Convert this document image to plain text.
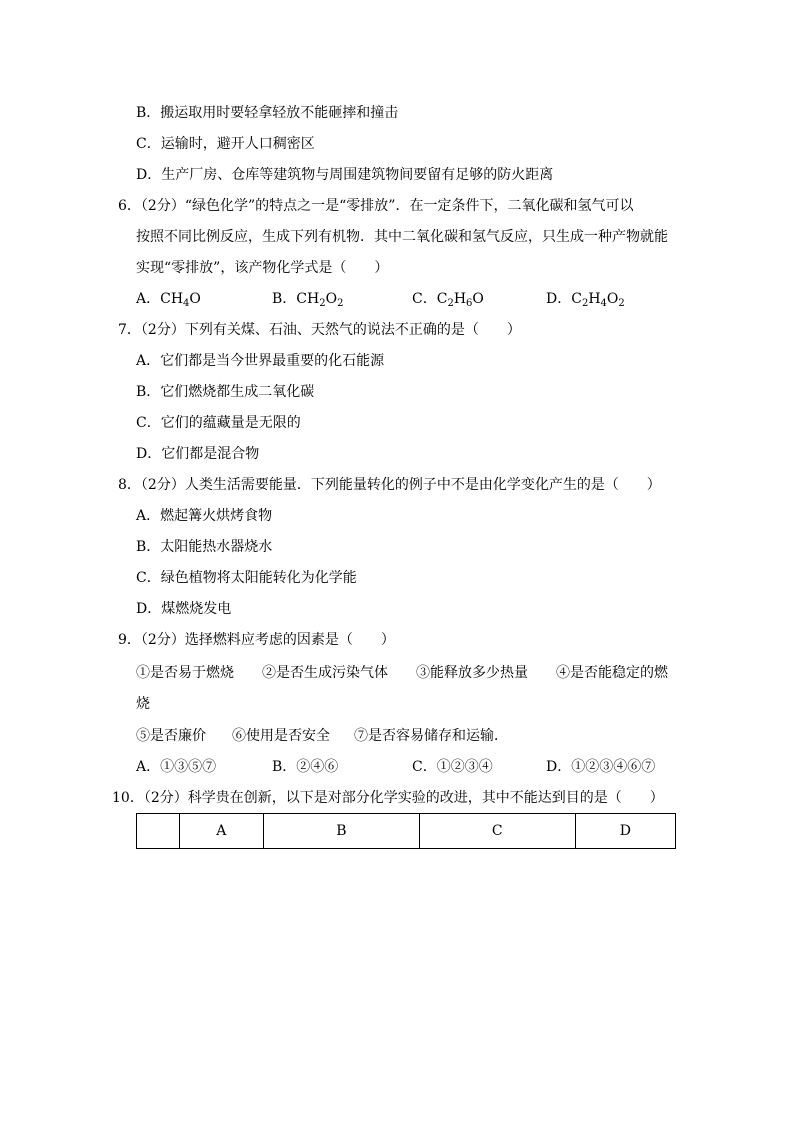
B．搬运取用时要轻拿轻放不能砸摔和撞击
C．运输时，避开人口稠密区
D．生产厂房、仓库等建筑物与周围建筑物间要留有足够的防火距离
6．（2分）“绿色化学”的特点之一是“零排放”．在一定条件下，二氧化碳和氢气可以
按照不同比例反应，生成下列有机物．其中二氧化碳和氢气反应，只生成一种产物就能
实现“零排放”，该产物化学式是（　　）
A．$CH_4O$	B．$CH_2O_2$	C．$C_2H_6O$	D．$C_2H_4O_2$
7．（2分）下列有关煤、石油、天然气的说法不正确的是（　　）
A．它们都是当今世界最重要的化石能源
B．它们燃烧都生成二氧化碳
C．它们的蕴藏量是无限的
D．它们都是混合物
8．（2分）人类生活需要能量．下列能量转化的例子中不是由化学变化产生的是（　　）
A．燃起篝火烘烤食物
B．太阳能热水器烧水
C．绿色植物将太阳能转化为化学能
D．煤燃烧发电
9．（2分）选择燃料应考虑的因素是（　　）
①是否易于燃烧 ②是否生成污染气体 ③能释放多少热量 ④是否能稳定的燃
烧
⑤是否廉价 ⑥使用是否安全 ⑦是否容易储存和运输．
A．①③⑤⑦	B．②④⑥	C．①②③④	D．①②③④⑥⑦
10．（2分）科学贵在创新，以下是对部分化学实验的改进，其中不能达到目的是（　　）
	A	B	C	D
